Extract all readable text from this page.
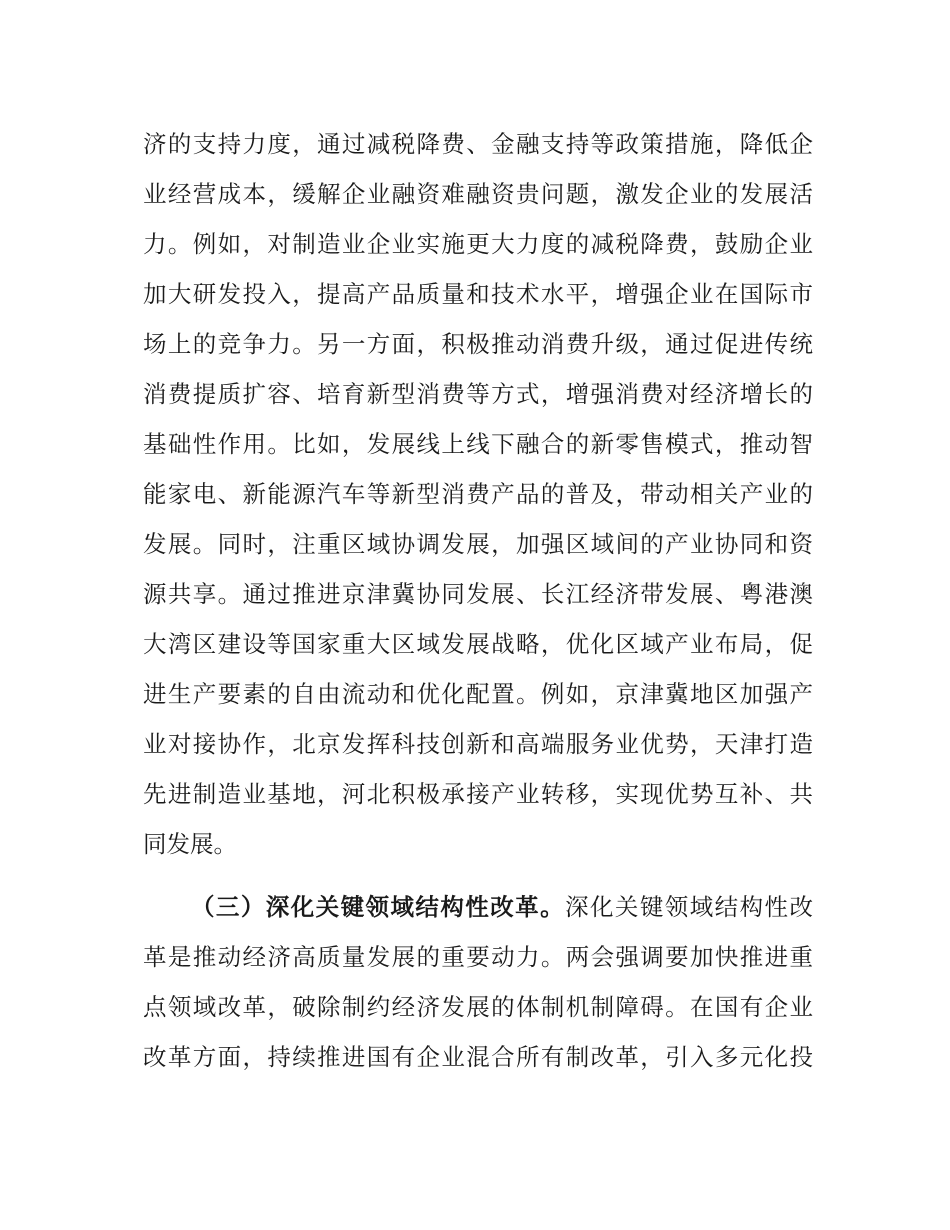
济的支持力度，通过减税降费、金融支持等政策措施，降低企
业经营成本，缓解企业融资难融资贵问题，激发企业的发展活
力。例如，对制造业企业实施更大力度的减税降费，鼓励企业
加大研发投入，提高产品质量和技术水平，增强企业在国际市
场上的竞争力。另一方面，积极推动消费升级，通过促进传统
消费提质扩容、培育新型消费等方式，增强消费对经济增长的
基础性作用。比如，发展线上线下融合的新零售模式，推动智
能家电、新能源汽车等新型消费产品的普及，带动相关产业的
发展。同时，注重区域协调发展，加强区域间的产业协同和资
源共享。通过推进京津冀协同发展、长江经济带发展、粤港澳
大湾区建设等国家重大区域发展战略，优化区域产业布局，促
进生产要素的自由流动和优化配置。例如，京津冀地区加强产
业对接协作，北京发挥科技创新和高端服务业优势，天津打造
先进制造业基地，河北积极承接产业转移，实现优势互补、共
同发展。
（三）深化关键领域结构性改革。深化关键领域结构性改
革是推动经济高质量发展的重要动力。两会强调要加快推进重
点领域改革，破除制约经济发展的体制机制障碍。在国有企业
改革方面，持续推进国有企业混合所有制改革，引入多元化投
